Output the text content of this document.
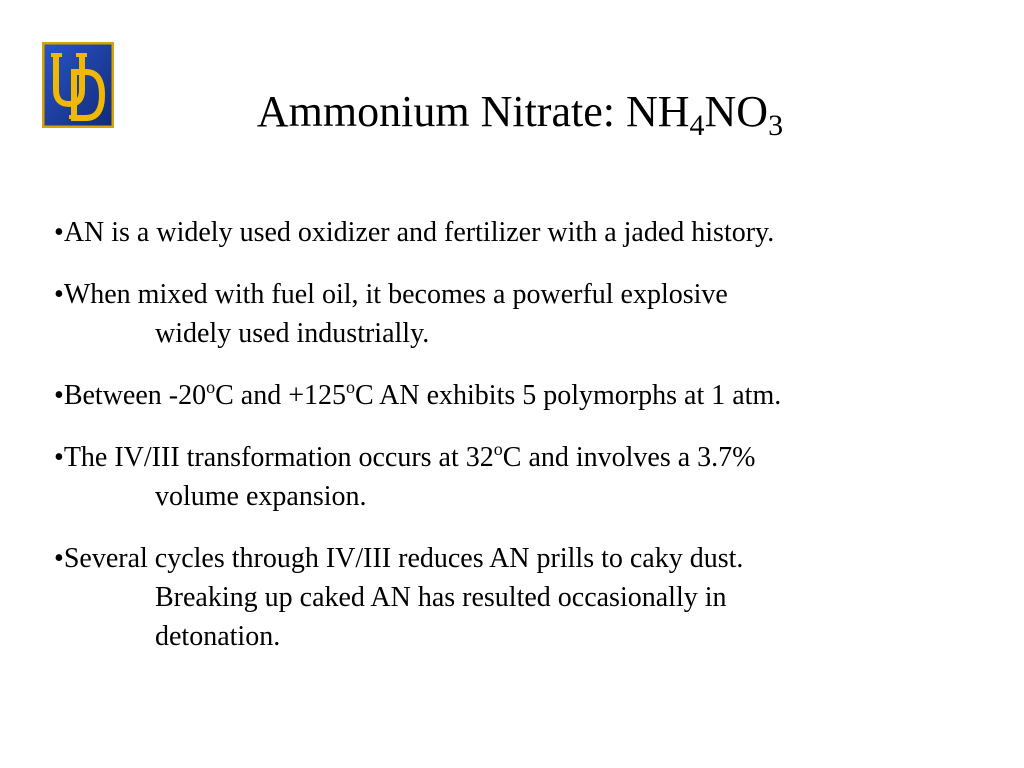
Ammonium Nitrate: $NH_4NO_3$
•AN is a widely used oxidizer and fertilizer with a jaded history.
•When mixed with fuel oil, it becomes a powerful explosive
widely used industrially.
•Between -20$^o$C and $+125^oC$ AN exhibits 5 polymorphs at 1 atm.
•The IV/III transformation occurs at 32$^o$C and involves a 3.7%
volume expansion.
•Several cycles through IV/III reduces AN prills to caky dust.
Breaking up caked AN has resulted occasionally in
detonation.
